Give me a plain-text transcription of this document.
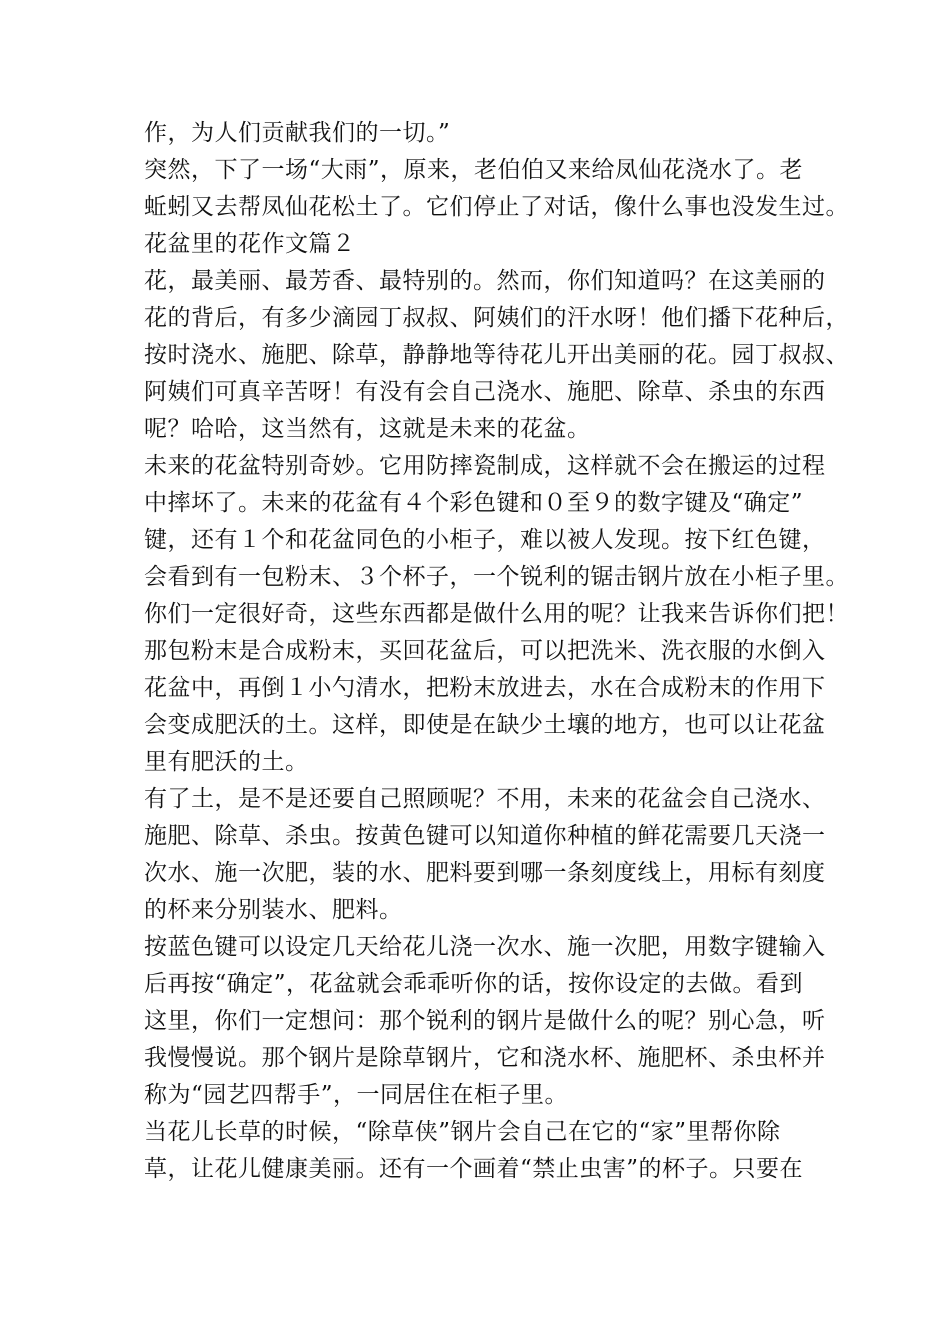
作，为人们贡献我们的一切。”
突然，下了一场“大雨”，原来，老伯伯又来给凤仙花浇水了。老
蚯蚓又去帮凤仙花松土了。它们停止了对话，像什么事也没发生过。
花盆里的花作文篇２
花，最美丽、最芳香、最特别的。然而，你们知道吗？在这美丽的
花的背后，有多少滴园丁叔叔、阿姨们的汗水呀！他们播下花种后，
按时浇水、施肥、除草，静静地等待花儿开出美丽的花。园丁叔叔、
阿姨们可真辛苦呀！有没有会自己浇水、施肥、除草、杀虫的东西
呢？哈哈，这当然有，这就是未来的花盆。
未来的花盆特别奇妙。它用防摔瓷制成，这样就不会在搬运的过程
中摔坏了。未来的花盆有４个彩色键和０至９的数字键及“确定”
键，还有１个和花盆同色的小柜子，难以被人发现。按下红色键，
会看到有一包粉末、３个杯子，一个锐利的锯击钢片放在小柜子里。
你们一定很好奇，这些东西都是做什么用的呢？让我来告诉你们把！
那包粉末是合成粉末，买回花盆后，可以把洗米、洗衣服的水倒入
花盆中，再倒１小勺清水，把粉末放进去，水在合成粉末的作用下
会变成肥沃的土。这样，即使是在缺少土壤的地方，也可以让花盆
里有肥沃的土。
有了土，是不是还要自己照顾呢？不用，未来的花盆会自己浇水、
施肥、除草、杀虫。按黄色键可以知道你种植的鲜花需要几天浇一
次水、施一次肥，装的水、肥料要到哪一条刻度线上，用标有刻度
的杯来分别装水、肥料。
按蓝色键可以设定几天给花儿浇一次水、施一次肥，用数字键输入
后再按“确定”，花盆就会乖乖听你的话，按你设定的去做。看到
这里，你们一定想问：那个锐利的钢片是做什么的呢？别心急，听
我慢慢说。那个钢片是除草钢片，它和浇水杯、施肥杯、杀虫杯并
称为“园艺四帮手”，一同居住在柜子里。
当花儿长草的时候，“除草侠”钢片会自己在它的“家”里帮你除
草，让花儿健康美丽。还有一个画着“禁止虫害”的杯子。只要在
